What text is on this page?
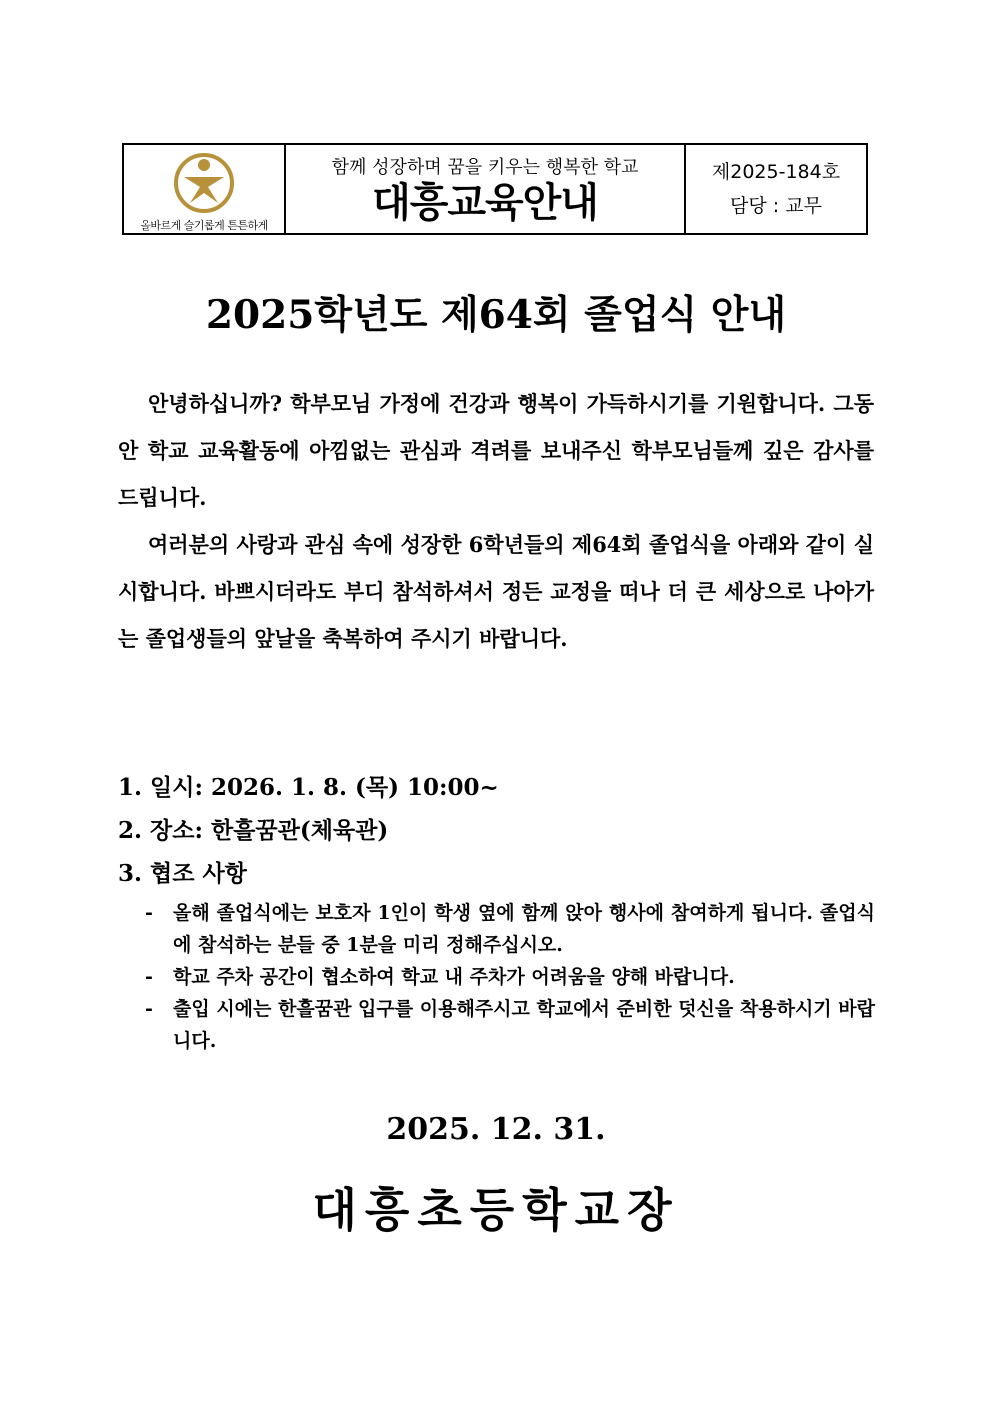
올바르게 슬기롭게 튼튼하게
함께 성장하며 꿈을 키우는 행복한 학교
대흥교육안내
제2025-184호
담당 : 교무
2025학년도 제64회 졸업식 안내

안녕하십니까? 학부모님 가정에 건강과 행복이 가득하시기를 기원합니다. 그동안 학교 교육활동에 아낌없는 관심과 격려를 보내주신 학부모님들께 깊은 감사를 드립니다.

여러분의 사랑과 관심 속에 성장한 6학년들의 제64회 졸업식을 아래와 같이 실시합니다. 바쁘시더라도 부디 참석하셔서 정든 교정을 떠나 더 큰 세상으로 나아가는 졸업생들의 앞날을 축복하여 주시기 바랍니다.

1. 일시: 2026. 1. 8. (목) 10:00~
2. 장소: 한흘꿈관(체육관)
3. 협조 사항
-	올해 졸업식에는 보호자 1인이 학생 옆에 함께 앉아 행사에 참여하게 됩니다. 졸업식에 참석하는 분들 중 1분을 미리 정해주십시오.
-	학교 주차 공간이 협소하여 학교 내 주차가 어려움을 양해 바랍니다.
-	출입 시에는 한흘꿈관 입구를 이용해주시고 학교에서 준비한 덧신을 착용하시기 바랍니다.
2025. 12. 31.
대흥초등학교장
